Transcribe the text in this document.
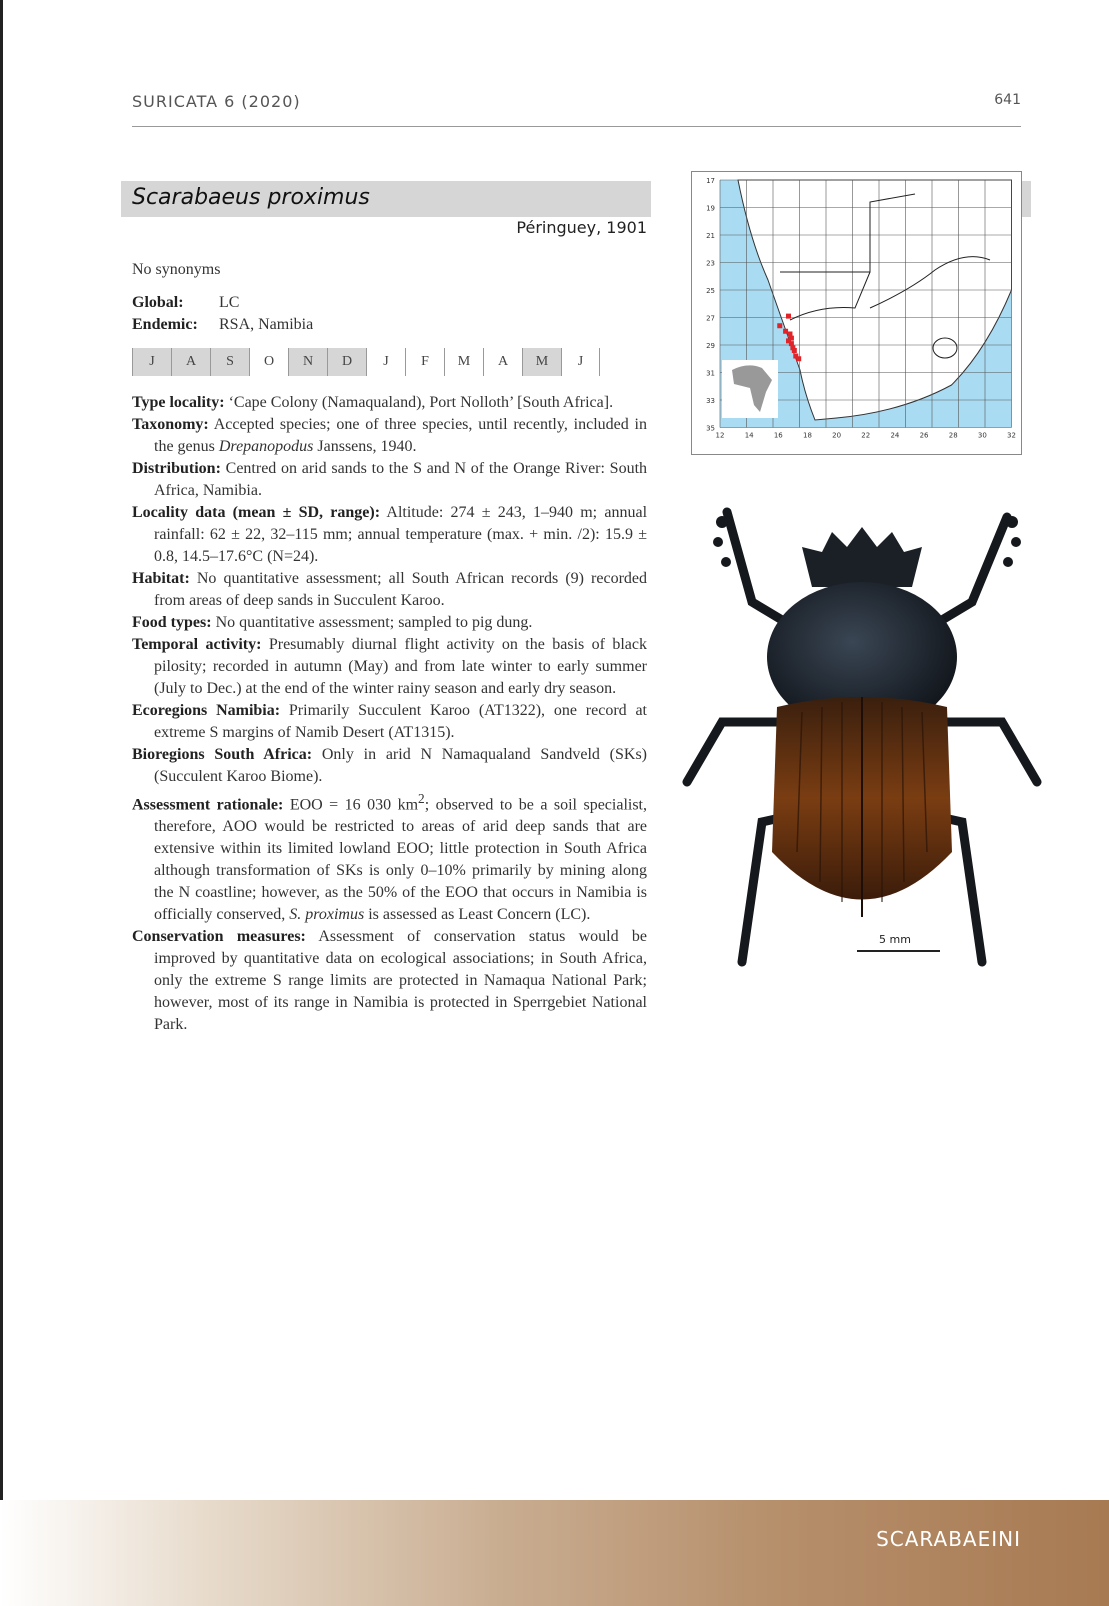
SURICATA 6 (2020)	641
Scarabaeus proximus
Péringuey, 1901
No synonyms
Global:	LC
Endemic:	RSA, Namibia
J	A	S	O	N	D	J	F	M	A	M	J

Type locality: ‘Cape Colony (Namaqualand), Port Nolloth’ [South Africa].

Taxonomy: Accepted species; one of three species, until recently, included in the genus Drepanopodus Janssens, 1940.

Distribution: Centred on arid sands to the S and N of the Orange River: South Africa, Namibia.

Locality data (mean ± SD, range): Altitude: 274 ± 243, 1–940 m; annual rainfall: 62 ± 22, 32–115 mm; annual temperature (max. + min. /2): 15.9 ± 0.8, 14.5–17.6°C (N=24).

Habitat: No quantitative assessment; all South African records (9) recorded from areas of deep sands in Succulent Karoo.

Food types: No quantitative assessment; sampled to pig dung.

Temporal activity: Presumably diurnal flight activity on the basis of black pilosity; recorded in autumn (May) and from late winter to early summer (July to Dec.) at the end of the winter rainy season and early dry season.

Ecoregions Namibia: Primarily Succulent Karoo (AT1322), one record at extreme S margins of Namib Desert (AT1315).

Bioregions South Africa: Only in arid N Namaqualand Sandveld (SKs) (Succulent Karoo Biome).

Assessment rationale: EOO = 16 030 $km^2$; observed to be a soil specialist, therefore, AOO would be restricted to areas of arid deep sands that are extensive within its limited lowland EOO; little protection in South Africa although transformation of SKs is only 0–10% primarily by mining along the N coastline; however, as the 50% of the EOO that occurs in Namibia is officially conserved, S. proximus is assessed as Least Concern (LC).

Conservation measures: Assessment of conservation status would be improved by quantitative data on ecological associations; in South Africa, only the extreme S range limits are protected in Namaqua National Park; however, most of its range in Namibia is protected in Sperrgebiet National Park.

17
19
21
23
25
27
29
31
33
35
12	14	16	18	20	22	24	26	28	30	32
5 mm
SCARABAEINI
